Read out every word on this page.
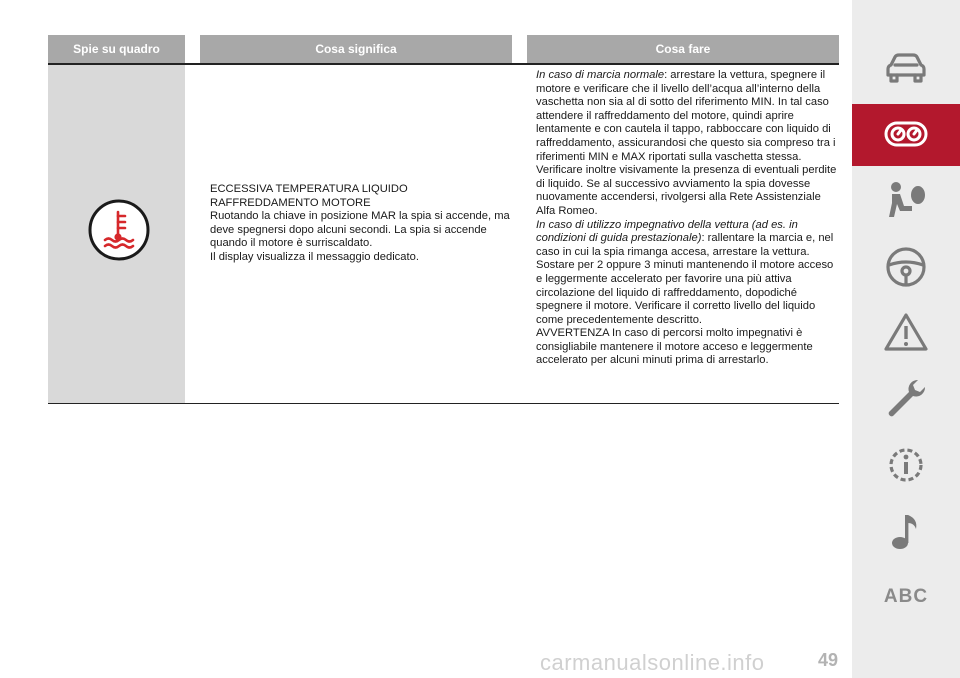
Spie su quadro	Cosa significa	Cosa fare

ECCESSIVA TEMPERATURA LIQUIDO

RAFFREDDAMENTO MOTORE

Ruotando la chiave in posizione MAR la spia si accende, ma deve spegnersi dopo alcuni secondi. La spia si accende quando il motore è surriscaldato.

Il display visualizza il messaggio dedicato.

In caso di marcia normale: arrestare la vettura, spegnere il motore e verificare che il livello dell’acqua all’interno della vaschetta non sia al di sotto del riferimento MIN. In tal caso attendere il raffreddamento del motore, quindi aprire lentamente e con cautela il tappo, rabboccare con liquido di raffreddamento, assicurandosi che questo sia compreso tra i riferimenti MIN e MAX riportati sulla vaschetta stessa. Verificare inoltre visivamente la presenza di eventuali perdite di liquido. Se al successivo avviamento la spia dovesse nuovamente accendersi, rivolgersi alla Rete Assistenziale Alfa Romeo.

In caso di utilizzo impegnativo della vettura (ad es. in condizioni di guida prestazionale): rallentare la marcia e, nel caso in cui la spia rimanga accesa, arrestare la vettura. Sostare per 2 oppure 3 minuti mantenendo il motore acceso e leggermente accelerato per favorire una più attiva circolazione del liquido di raffreddamento, dopodiché spegnere il motore. Verificare il corretto livello del liquido come precedentemente descritto.

AVVERTENZA In caso di percorsi molto impegnativi è consigliabile mantenere il motore acceso e leggermente accelerato per alcuni minuti prima di arrestarlo.

ABC
49
carmanualsonline.info
